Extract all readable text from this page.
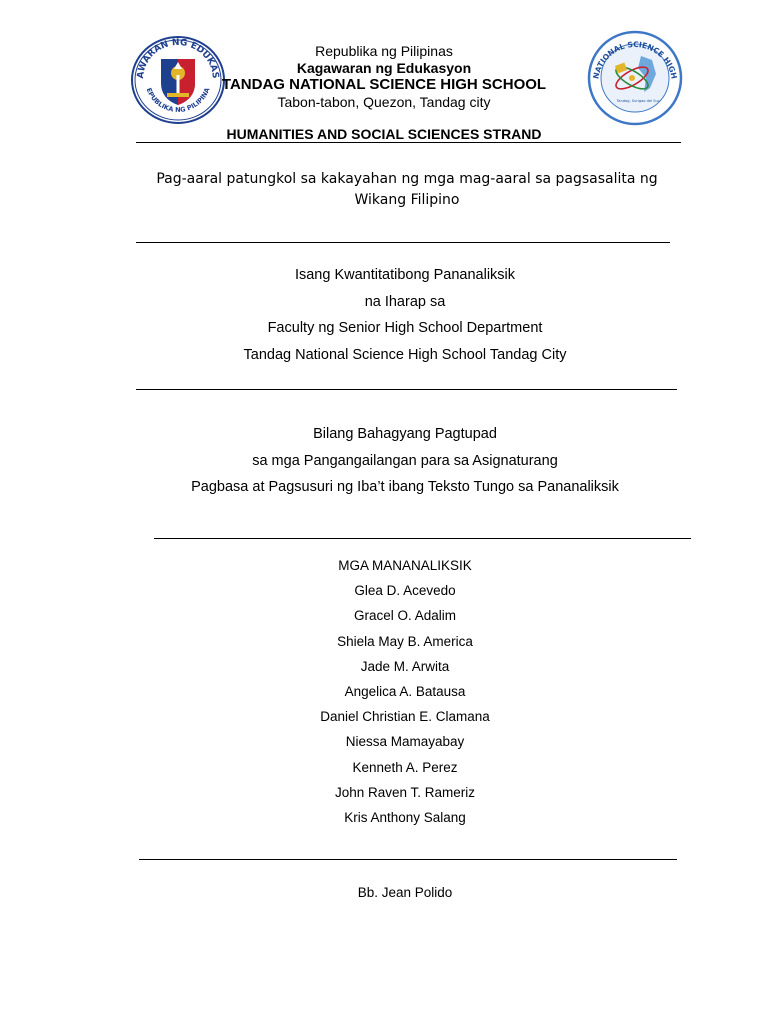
AWARAN NG EDUKAS
EPUBLIKA NG PILIPINA
NATIONAL SCIENCE HIGH
Tandag, Surigao del Sur
Republika ng Pilipinas
Kagawaran ng Edukasyon
TANDAG NATIONAL SCIENCE HIGH SCHOOL
Tabon-tabon, Quezon, Tandag city
HUMANITIES AND SOCIAL SCIENCES STRAND
Pag-aaral patungkol sa kakayahan ng mga mag-aaral sa pagsasalita ng Wikang Filipino
Isang Kwantitatibong Pananaliksik
na Iharap sa
Faculty ng Senior High School Department
Tandag National Science High School Tandag City
Bilang Bahagyang Pagtupad
sa mga Pangangailangan para sa Asignaturang
Pagbasa at Pagsusuri ng Iba’t ibang Teksto Tungo sa Pananaliksik
MGA MANANALIKSIK
Glea D. Acevedo
Gracel O. Adalim
Shiela May B. America
Jade M. Arwita
Angelica A. Batausa
Daniel Christian E. Clamana
Niessa Mamayabay
Kenneth A. Perez
John Raven T. Rameriz
Kris Anthony Salang
Bb. Jean Polido
